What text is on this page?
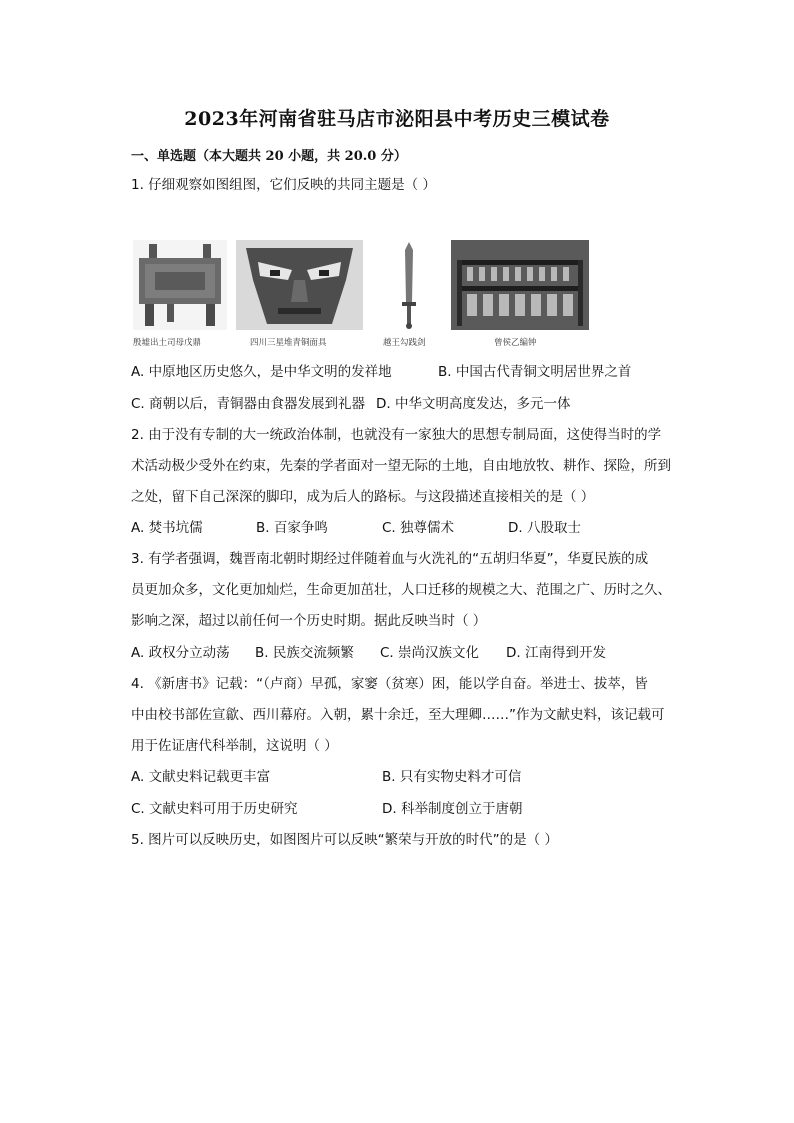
2023年河南省驻马店市泌阳县中考历史三模试卷
一、单选题（本大题共 20 小题，共 20.0 分）
1. 仔细观察如图组图，它们反映的共同主题是（ ）
殷墟出土司母戊鼎	四川三星堆青铜面具	越王勾践剑	曾侯乙编钟
A. 中原地区历史悠久，是中华文明的发祥地	B. 中国古代青铜文明居世界之首
C. 商朝以后，青铜器由食器发展到礼器 D. 中华文明高度发达，多元一体
2. 由于没有专制的大一统政治体制，也就没有一家独大的思想专制局面，这使得当时的学
术活动极少受外在约束，先秦的学者面对一望无际的土地，自由地放牧、耕作、探险，所到
之处，留下自己深深的脚印，成为后人的路标。与这段描述直接相关的是（ ）
A. 焚书坑儒	B. 百家争鸣	C. 独尊儒术	D. 八股取士
3. 有学者强调，魏晋南北朝时期经过伴随着血与火洗礼的“五胡归华夏”，华夏民族的成
员更加众多，文化更加灿烂，生命更加茁壮，人口迁移的规模之大、范围之广、历时之久、
影响之深，超过以前任何一个历史时期。据此反映当时（ ）
A. 政权分立动荡 B. 民族交流频繁 C. 崇尚汉族文化 D. 江南得到开发
4. 《新唐书》记载：“（卢商）早孤，家窭（贫寒）困，能以学自奋。举进士、拔萃，皆
中由校书部佐宣歙、西川幕府。入朝，累十余迁，至大理卿……”作为文献史料，该记载可
用于佐证唐代科举制，这说明（ ）
A. 文献史料记载更丰富	B. 只有实物史料才可信
C. 文献史料可用于历史研究	D. 科举制度创立于唐朝
5. 图片可以反映历史，如图图片可以反映“繁荣与开放的时代”的是（ ）
